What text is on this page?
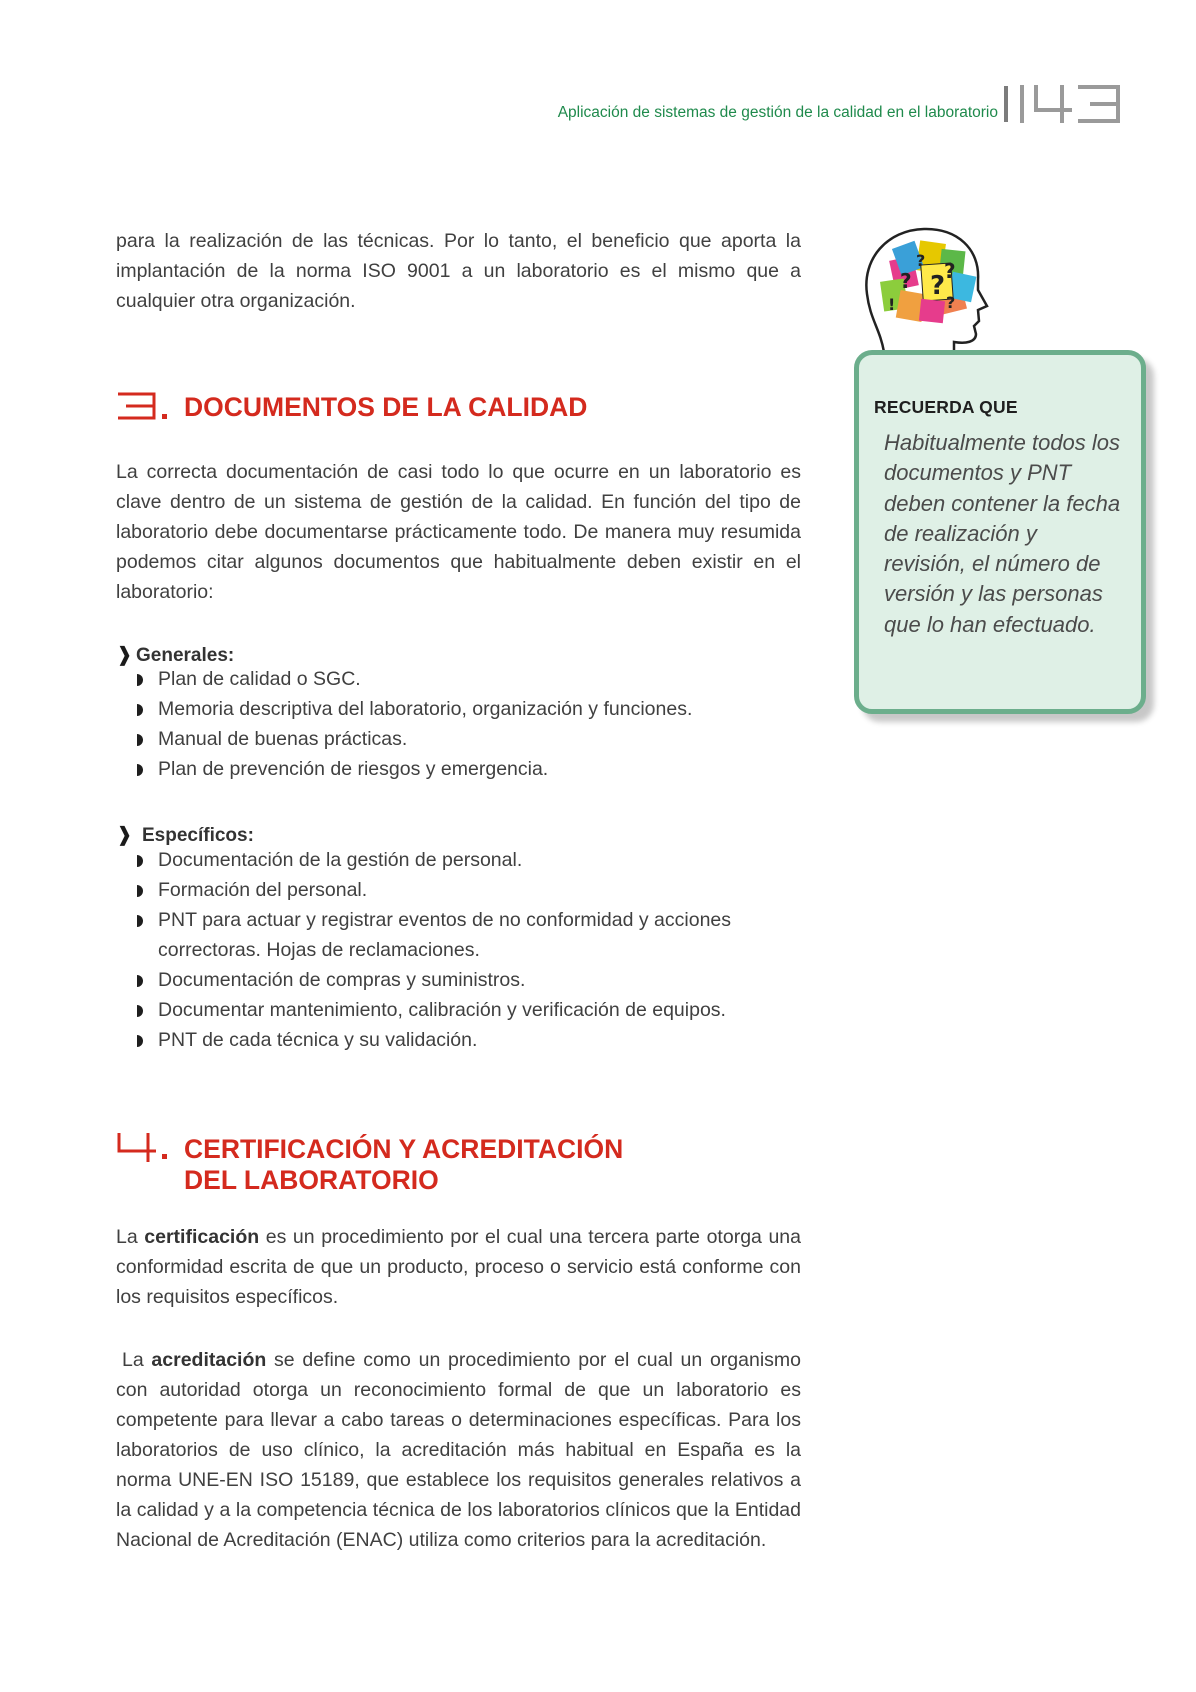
Aplicación de sistemas de gestión de la calidad en el laboratorio

para la realización de las técnicas. Por lo tanto, el beneficio que aporta la implantación de la norma ISO 9001 a un laboratorio es el mismo que a cualquier otra organización.

DOCUMENTOS DE LA CALIDAD

La correcta documentación de casi todo lo que ocurre en un laboratorio es clave dentro de un sistema de gestión de la calidad. En función del tipo de laboratorio debe documentarse prácticamente todo. De manera muy resumida podemos citar algunos documentos que habitualmente deben existir en el laboratorio:

❱ Generales:

Plan de calidad o SGC.
Memoria descriptiva del laboratorio, organización y funciones.
Manual de buenas prácticas.
Plan de prevención de riesgos y emergencia.

❱ Específicos:

Documentación de la gestión de personal.
Formación del personal.
PNT para actuar y registrar eventos de no conformidad y acciones correctoras. Hojas de reclamaciones.
Documentación de compras y suministros.
Documentar mantenimiento, calibración y verificación de equipos.
PNT de cada técnica y su validación.
CERTIFICACIÓN Y ACREDITACIÓN
DEL LABORATORIO

La certificación es un procedimiento por el cual una tercera parte otorga una conformidad escrita de que un producto, proceso o servicio está conforme con los requisitos específicos.

La acreditación se define como un procedimiento por el cual un organismo con autoridad otorga un reconocimiento formal de que un laboratorio es competente para llevar a cabo tareas o determinaciones específicas. Para los laboratorios de uso clínico, la acreditación más habitual en España es la norma UNE-EN ISO 15189, que establece los requisitos generales relativos a la calidad y a la competencia técnica de los laboratorios clínicos que la Entidad Nacional de Acreditación (ENAC) utiliza como criterios para la acreditación.

?
? ?
?
!	?
RECUERDA QUE

Habitualmente todos los documentos y PNT deben contener la fecha de realización y revisión, el número de versión y las personas que lo han efectuado.
